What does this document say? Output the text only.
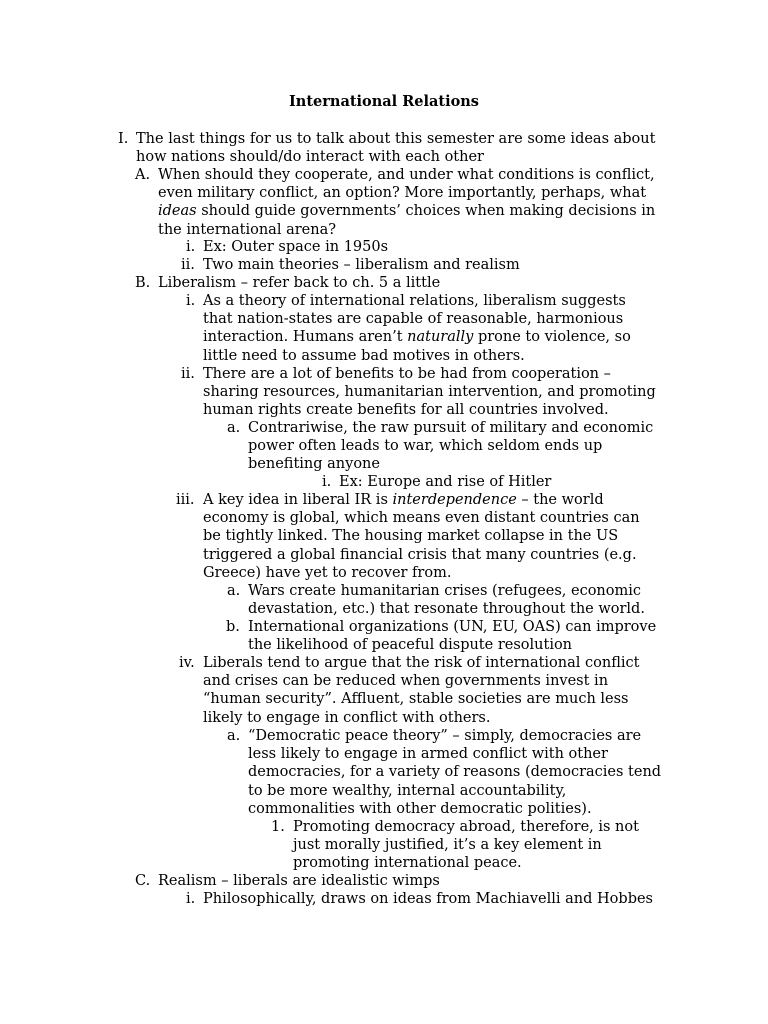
International Relations
I. The last things for us to talk about this semester are some ideas about
how nations should/do interact with each other
A. When should they cooperate, and under what conditions is conflict,
even military conflict, an option? More importantly, perhaps, what
ideas should guide governments’ choices when making decisions in
the international arena?
i. Ex: Outer space in 1950s
ii. Two main theories – liberalism and realism
B. Liberalism – refer back to ch. 5 a little
i. As a theory of international relations, liberalism suggests
that nation-states are capable of reasonable, harmonious
interaction. Humans aren’t naturally prone to violence, so
little need to assume bad motives in others.
ii. There are a lot of benefits to be had from cooperation –
sharing resources, humanitarian intervention, and promoting
human rights create benefits for all countries involved.
a. Contrariwise, the raw pursuit of military and economic
power often leads to war, which seldom ends up
benefiting anyone
i. Ex: Europe and rise of Hitler
iii. A key idea in liberal IR is interdependence – the world
economy is global, which means even distant countries can
be tightly linked. The housing market collapse in the US
triggered a global financial crisis that many countries (e.g.
Greece) have yet to recover from.
a. Wars create humanitarian crises (refugees, economic
devastation, etc.) that resonate throughout the world.
b. International organizations (UN, EU, OAS) can improve
the likelihood of peaceful dispute resolution
iv. Liberals tend to argue that the risk of international conflict
and crises can be reduced when governments invest in
“human security”. Affluent, stable societies are much less
likely to engage in conflict with others.
a. “Democratic peace theory” – simply, democracies are
less likely to engage in armed conflict with other
democracies, for a variety of reasons (democracies tend
to be more wealthy, internal accountability,
commonalities with other democratic polities).
1. Promoting democracy abroad, therefore, is not
just morally justified, it’s a key element in
promoting international peace.
C. Realism – liberals are idealistic wimps
i. Philosophically, draws on ideas from Machiavelli and Hobbes
